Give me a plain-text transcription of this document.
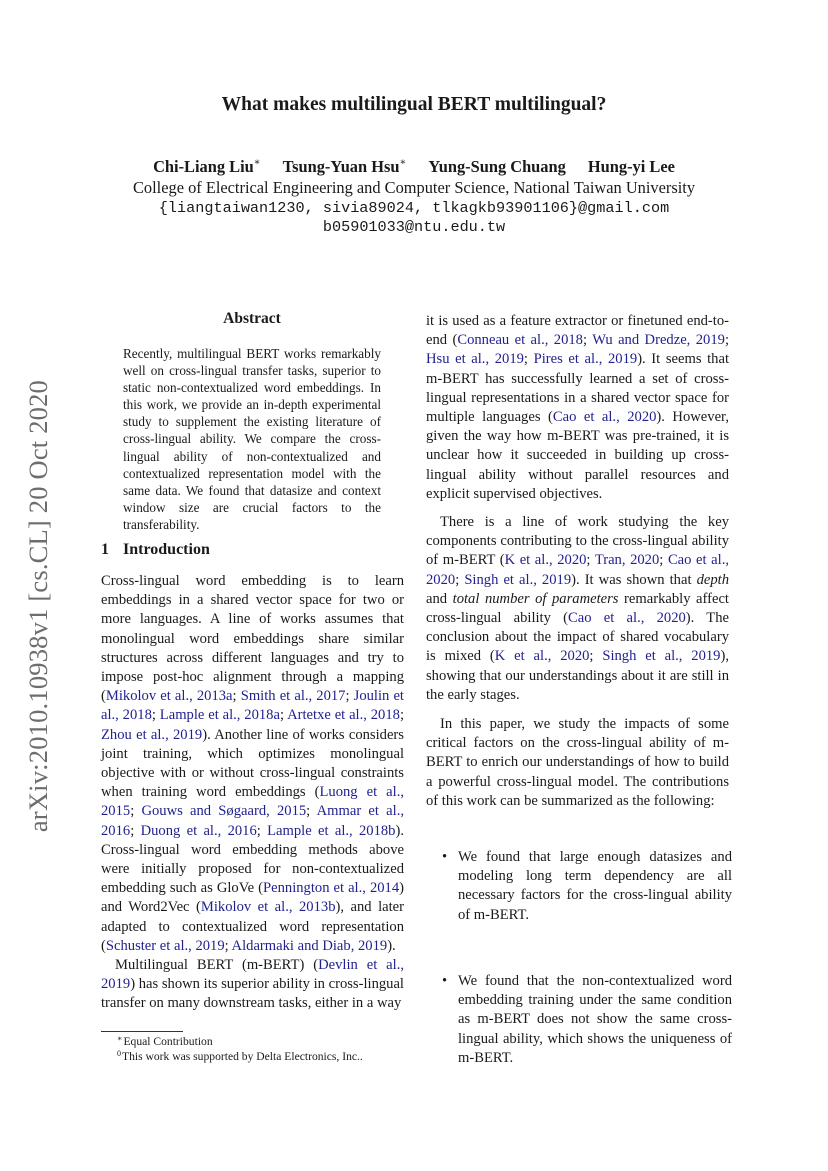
arXiv:2010.10938v1 [cs.CL] 20 Oct 2020
What makes multilingual BERT multilingual?
Chi-Liang Liu∗ Tsung-Yuan Hsu∗ Yung-Sung Chuang Hung-yi Lee
College of Electrical Engineering and Computer Science, National Taiwan University
{liangtaiwan1230, sivia89024, tlkagkb93901106}@gmail.com
b05901033@ntu.edu.tw
Abstract

Recently, multilingual BERT works remarkably well on cross-lingual transfer tasks, superior to static non-contextualized word embeddings. In this work, we provide an in-depth experimental study to supplement the existing literature of cross-lingual ability. We compare the cross-lingual ability of non-contextualized and contextualized representation model with the same data. We found that datasize and context window size are crucial factors to the transferability.

1 Introduction

Cross-lingual word embedding is to learn embeddings in a shared vector space for two or more languages. A line of works assumes that monolingual word embeddings share similar structures across different languages and try to impose post-hoc alignment through a mapping (Mikolov et al., 2013a; Smith et al., 2017; Joulin et al., 2018; Lample et al., 2018a; Artetxe et al., 2018; Zhou et al., 2019). Another line of works considers joint training, which optimizes monolingual objective with or without cross-lingual constraints when training word embeddings (Luong et al., 2015; Gouws and Søgaard, 2015; Ammar et al., 2016; Duong et al., 2016; Lample et al., 2018b). Cross-lingual word embedding methods above were initially proposed for non-contextualized embedding such as GloVe (Pennington et al., 2014) and Word2Vec (Mikolov et al., 2013b), and later adapted to contextualized word representation (Schuster et al., 2019; Aldarmaki and Diab, 2019).

Multilingual BERT (m-BERT) (Devlin et al., 2019) has shown its superior ability in cross-lingual transfer on many downstream tasks, either in a way

it is used as a feature extractor or finetuned end-to-end (Conneau et al., 2018; Wu and Dredze, 2019; Hsu et al., 2019; Pires et al., 2019). It seems that m-BERT has successfully learned a set of cross-lingual representations in a shared vector space for multiple languages (Cao et al., 2020). However, given the way how m-BERT was pre-trained, it is unclear how it succeeded in building up cross-lingual ability without parallel resources and explicit supervised objectives.

There is a line of work studying the key components contributing to the cross-lingual ability of m-BERT (K et al., 2020; Tran, 2020; Cao et al., 2020; Singh et al., 2019). It was shown that depth and total number of parameters remarkably affect cross-lingual ability (Cao et al., 2020). The conclusion about the impact of shared vocabulary is mixed (K et al., 2020; Singh et al., 2019), showing that our understandings about it are still in the early stages.

In this paper, we study the impacts of some critical factors on the cross-lingual ability of m-BERT to enrich our understandings of how to build a powerful cross-lingual model. The contributions of this work can be summarized as the following:

• We found that large enough datasizes and modeling long term dependency are all necessary factors for the cross-lingual ability of m-BERT.
• We found that the non-contextualized word embedding training under the same condition as m-BERT does not show the same cross-lingual ability, which shows the uniqueness of m-BERT.
∗Equal Contribution
$^0$This work was supported by Delta Electronics, Inc..
